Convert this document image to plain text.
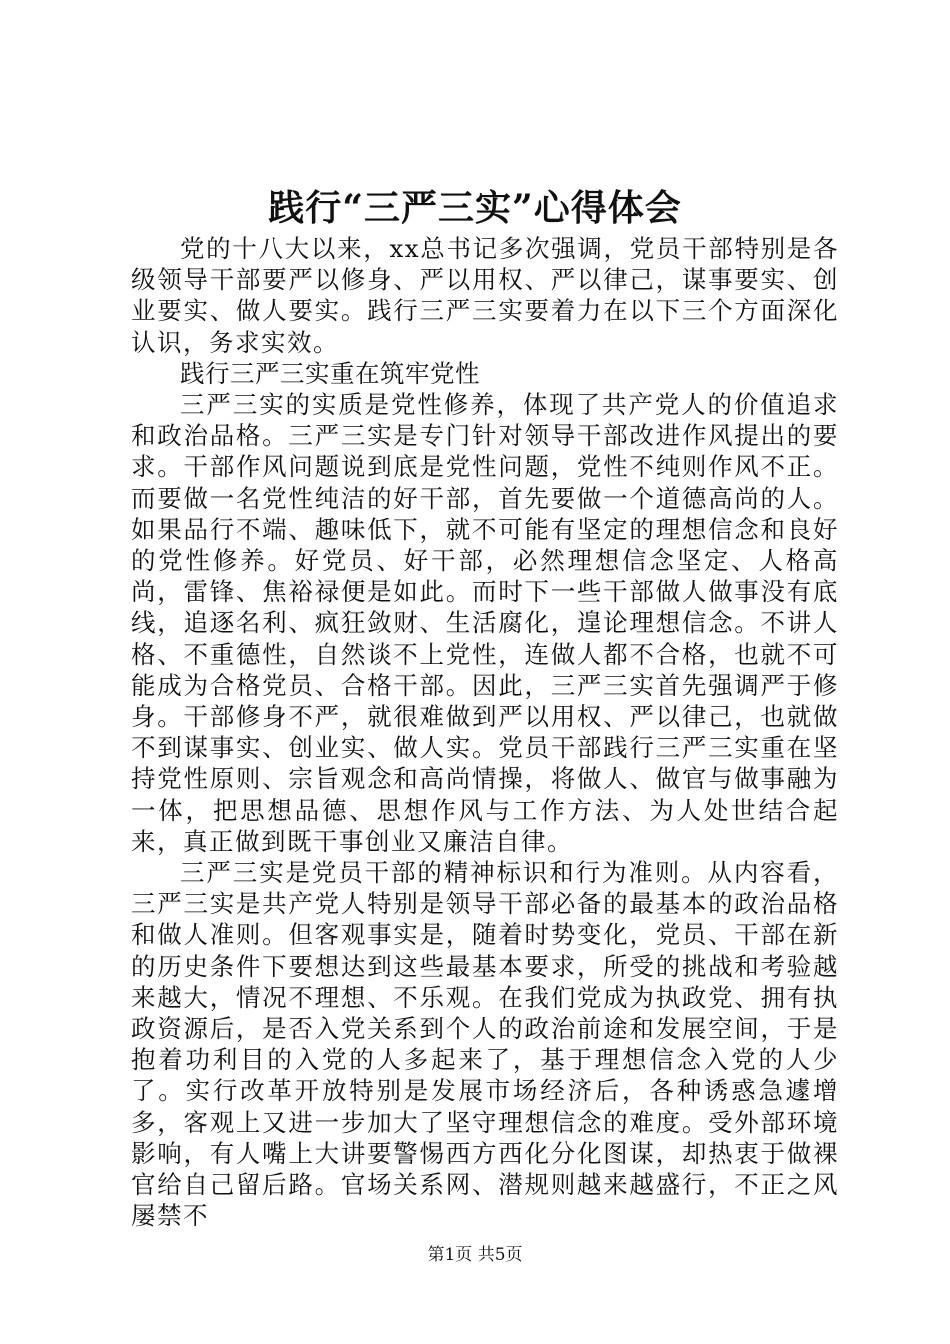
践行“三严三实”心得体会

党的十八大以来，xx总书记多次强调，党员干部特别是各级领导干部要严以修身、严以用权、严以律己，谋事要实、创业要实、做人要实。践行三严三实要着力在以下三个方面深化认识，务求实效。

践行三严三实重在筑牢党性

三严三实的实质是党性修养，体现了共产党人的价值追求和政治品格。三严三实是专门针对领导干部改进作风提出的要求。干部作风问题说到底是党性问题，党性不纯则作风不正。而要做一名党性纯洁的好干部，首先要做一个道德高尚的人。如果品行不端、趣味低下，就不可能有坚定的理想信念和良好的党性修养。好党员、好干部，必然理想信念坚定、人格高尚，雷锋、焦裕禄便是如此。而时下一些干部做人做事没有底线，追逐名利、疯狂敛财、生活腐化，遑论理想信念。不讲人格、不重德性，自然谈不上党性，连做人都不合格，也就不可能成为合格党员、合格干部。因此，三严三实首先强调严于修身。干部修身不严，就很难做到严以用权、严以律己，也就做不到谋事实、创业实、做人实。党员干部践行三严三实重在坚持党性原则、宗旨观念和高尚情操，将做人、做官与做事融为一体，把思想品德、思想作风与工作方法、为人处世结合起来，真正做到既干事创业又廉洁自律。

三严三实是党员干部的精神标识和行为准则。从内容看，三严三实是共产党人特别是领导干部必备的最基本的政治品格和做人准则。但客观事实是，随着时势变化，党员、干部在新的历史条件下要想达到这些最基本要求，所受的挑战和考验越来越大，情况不理想、不乐观。在我们党成为执政党、拥有执政资源后，是否入党关系到个人的政治前途和发展空间，于是抱着功利目的入党的人多起来了，基于理想信念入党的人少了。实行改革开放特别是发展市场经济后，各种诱惑急遽增多，客观上又进一步加大了坚守理想信念的难度。受外部环境影响，有人嘴上大讲要警惕西方西化分化图谋，却热衷于做裸官给自己留后路。官场关系网、潜规则越来越盛行，不正之风屡禁不

第1页 共5页
